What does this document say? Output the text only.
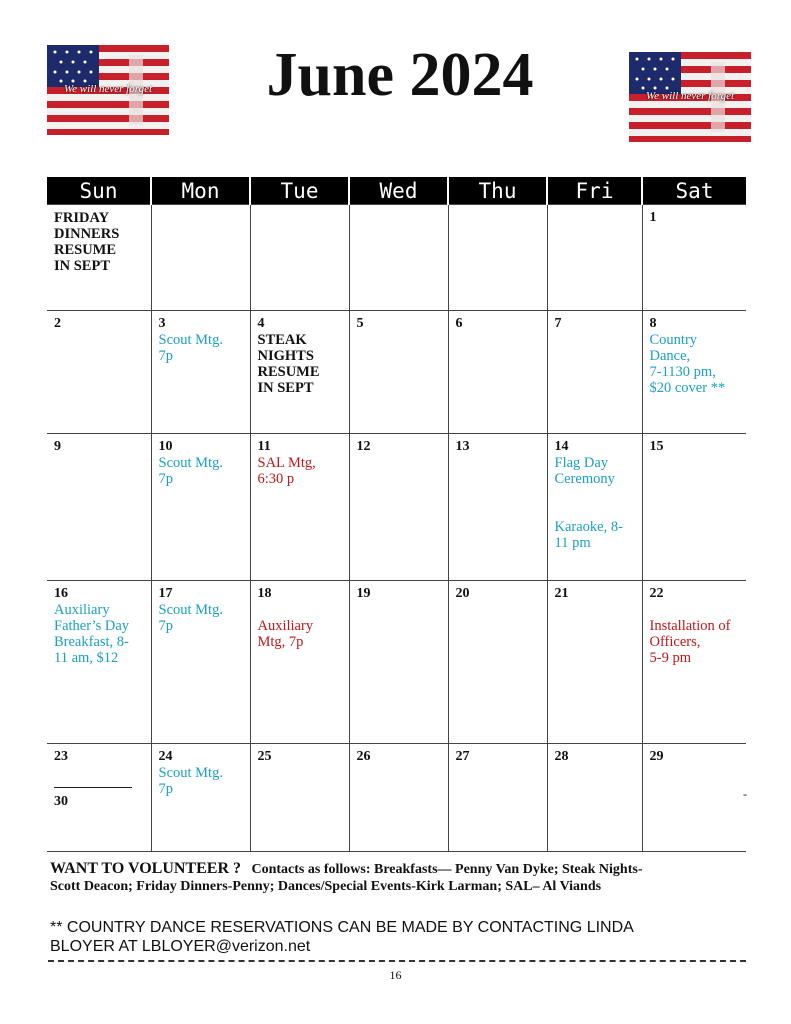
We will never forget
We will never forget
June 2024
Sun	Mon	Tue	Wed	Thu	Fri	Sat

FRIDAY
DINNERS
RESUME
IN SEPT						1

2	3
Scout Mtg.
7p	4
STEAK
NIGHTS
RESUME
IN SEPT	5	6	7	8
Country
Dance,
7-1130 pm,
$20 cover **

9	10
Scout Mtg.
7p	11
SAL Mtg,
6:30 p	12	13	14
Flag Day
Ceremony
Karaoke, 8-
11 pm	15

16
Auxiliary
Father’s Day
Breakfast, 8-
11 am, $12	17
Scout Mtg.
7p	18
Auxiliary
Mtg, 7p	19	20	21	22
Installation of
Officers,
5-9 pm

23
30	24
Scout Mtg.
7p	25	26	27	28	29
-
WANT TO VOLUNTEER ? Contacts as follows: Breakfasts— Penny Van Dyke; Steak Nights-
Scott Deacon; Friday Dinners-Penny; Dances/Special Events-Kirk Larman; SAL– Al Viands
** COUNTRY DANCE RESERVATIONS CAN BE MADE BY CONTACTING LINDA
BLOYER AT LBLOYER@verizon.net
16
